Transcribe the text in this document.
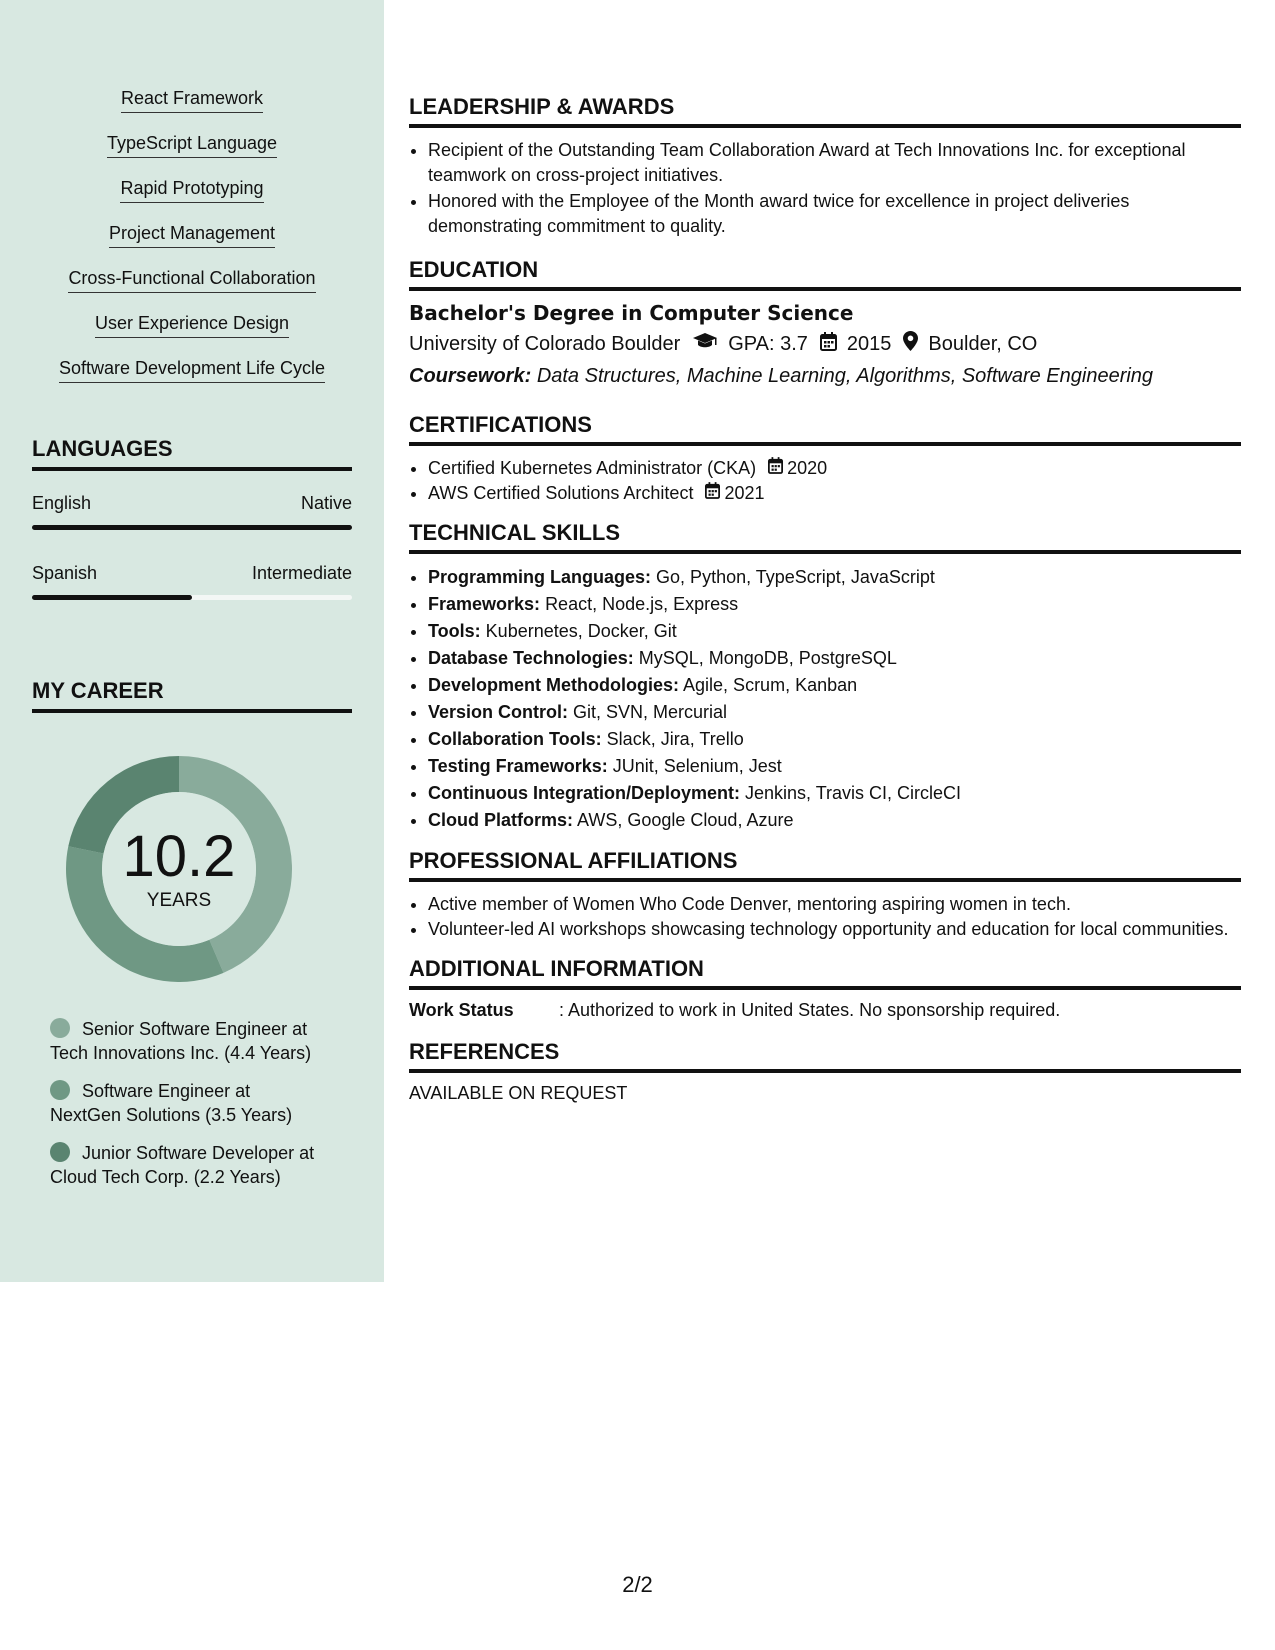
React Framework
TypeScript Language
Rapid Prototyping
Project Management
Cross-Functional Collaboration
User Experience Design
Software Development Life Cycle
LANGUAGES
English	Native
Spanish	Intermediate
MY CAREER
10.2
YEARS
Senior Software Engineer at
Tech Innovations Inc. (4.4 Years)
Software Engineer at
NextGen Solutions (3.5 Years)
Junior Software Developer at
Cloud Tech Corp. (2.2 Years)
LEADERSHIP & AWARDS
• Recipient of the Outstanding Team Collaboration Award at Tech Innovations Inc. for exceptional teamwork on cross-project initiatives.
• Honored with the Employee of the Month award twice for excellence in project deliveries demonstrating commitment to quality.
EDUCATION
Bachelor's Degree in Computer Science
University of Colorado Boulder GPA: 3.7 2015 Boulder, CO
Coursework: Data Structures, Machine Learning, Algorithms, Software Engineering
CERTIFICATIONS
• Certified Kubernetes Administrator (CKA) 2020
• AWS Certified Solutions Architect 2021
TECHNICAL SKILLS
• Programming Languages: Go, Python, TypeScript, JavaScript
• Frameworks: React, Node.js, Express
• Tools: Kubernetes, Docker, Git
• Database Technologies: MySQL, MongoDB, PostgreSQL
• Development Methodologies: Agile, Scrum, Kanban
• Version Control: Git, SVN, Mercurial
• Collaboration Tools: Slack, Jira, Trello
• Testing Frameworks: JUnit, Selenium, Jest
• Continuous Integration/Deployment: Jenkins, Travis CI, CircleCI
• Cloud Platforms: AWS, Google Cloud, Azure
PROFESSIONAL AFFILIATIONS
• Active member of Women Who Code Denver, mentoring aspiring women in tech.
• Volunteer-led AI workshops showcasing technology opportunity and education for local communities.
ADDITIONAL INFORMATION
Work Status	: Authorized to work in United States. No sponsorship required.
REFERENCES
AVAILABLE ON REQUEST
2/2
